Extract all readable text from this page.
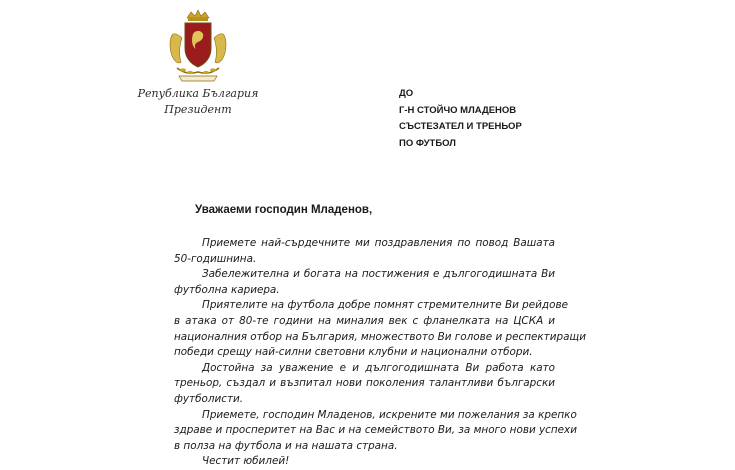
Република България
Президент
ДО
Г-Н СТОЙЧО МЛАДЕНОВ
СЪСТЕЗАТЕЛ И ТРЕНЬОР
ПО ФУТБОЛ
Уважаеми господин Младенов,
Приемете най-сърдечните ми поздравления по повод Вашата
50-годишнина.
Забележителна и богата на постижения е дългогодишната Ви
футболна кариера.
Приятелите на футбола добре помнят стремителните Ви рейдове
в атака от 80-те години на миналия век с фланелката на ЦСКА и
националния отбор на България, множеството Ви голове и респектиращи
победи срещу най-силни световни клубни и национални отбори.
Достойна за уважение е и дългогодишната Ви работа като
треньор, създал и възпитал нови поколения талантливи български
футболисти.
Приемете, господин Младенов, искрените ми пожелания за крепко
здраве и просперитет на Вас и на семейството Ви, за много нови успехи
в полза на футбола и на нашата страна.
Честит юбилей!
